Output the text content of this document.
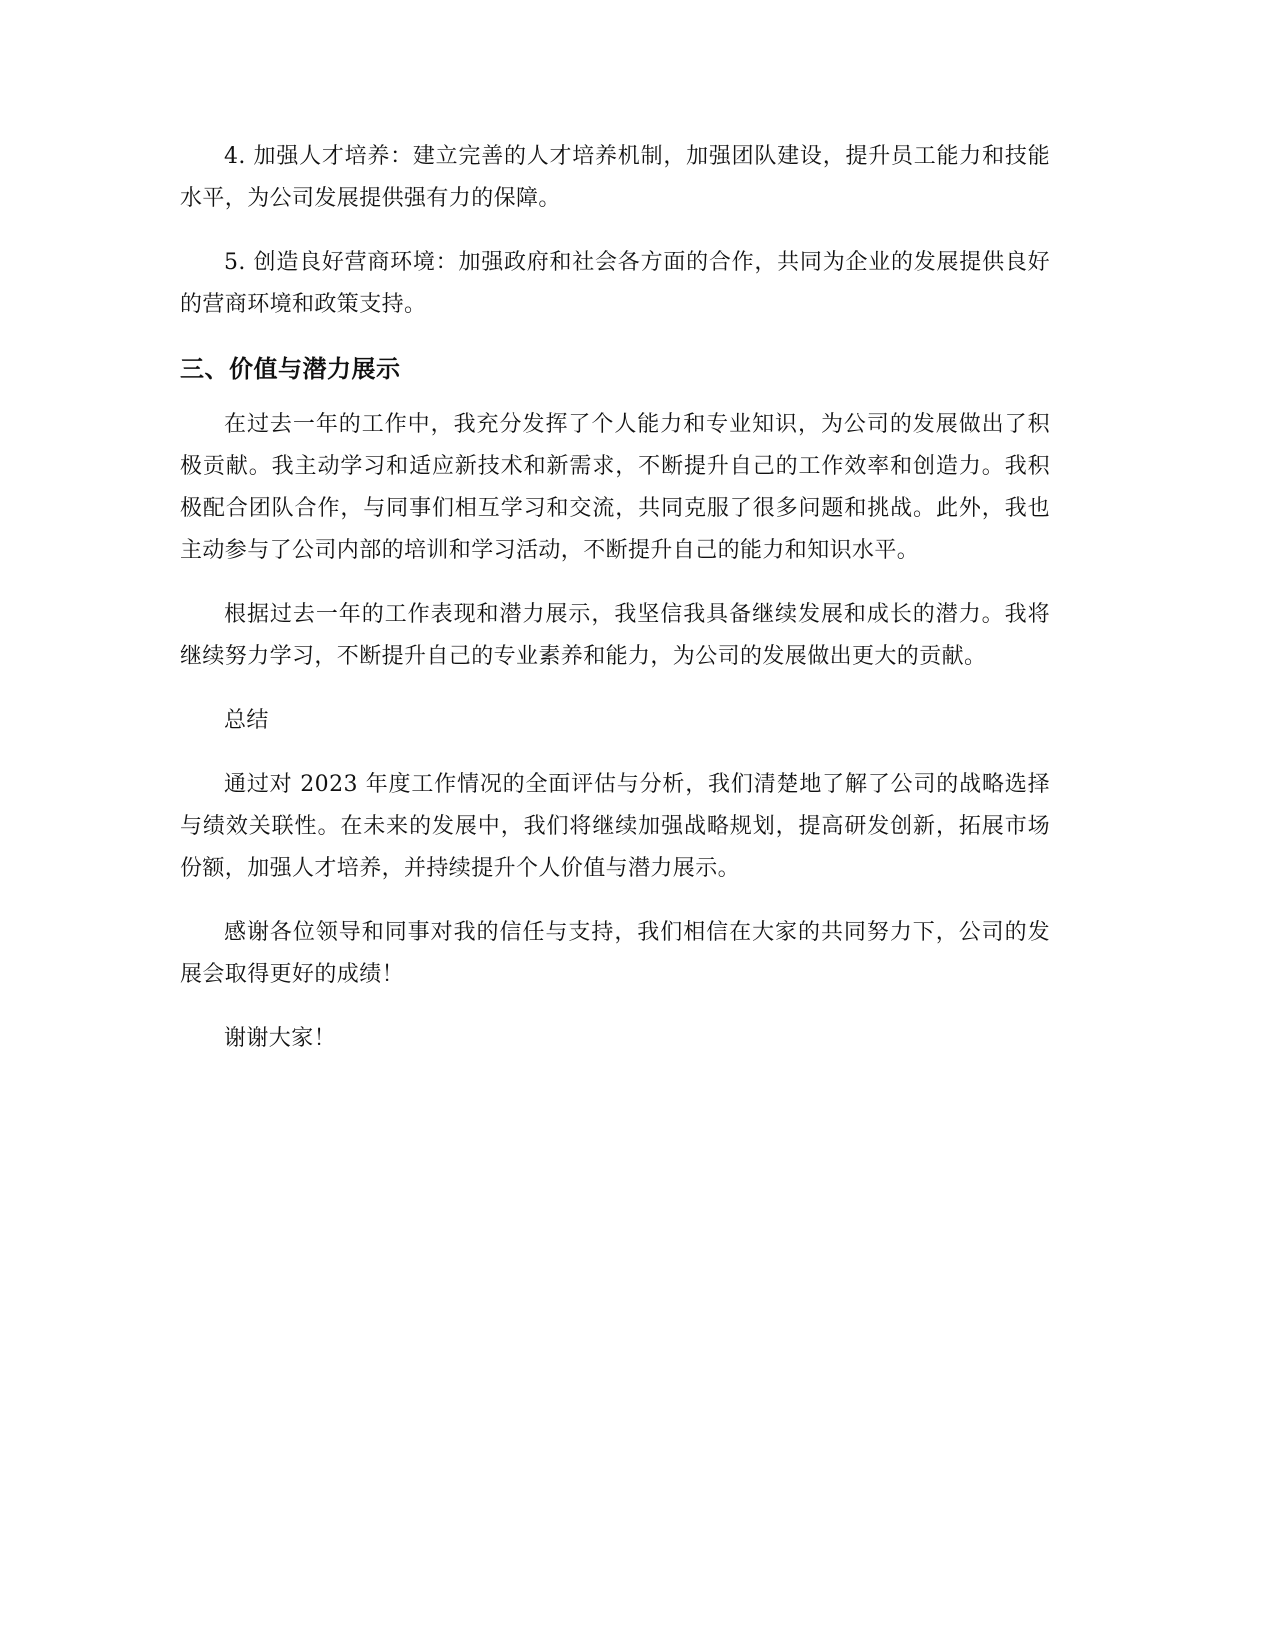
4. 加强人才培养：建立完善的人才培养机制，加强团队建设，提升员工能力和技能水平，为公司发展提供强有力的保障。

5. 创造良好营商环境：加强政府和社会各方面的合作，共同为企业的发展提供良好的营商环境和政策支持。

三、价值与潜力展示

在过去一年的工作中，我充分发挥了个人能力和专业知识，为公司的发展做出了积极贡献。我主动学习和适应新技术和新需求，不断提升自己的工作效率和创造力。我积极配合团队合作，与同事们相互学习和交流，共同克服了很多问题和挑战。此外，我也主动参与了公司内部的培训和学习活动，不断提升自己的能力和知识水平。

根据过去一年的工作表现和潜力展示，我坚信我具备继续发展和成长的潜力。我将继续努力学习，不断提升自己的专业素养和能力，为公司的发展做出更大的贡献。

总结

通过对 2023 年度工作情况的全面评估与分析，我们清楚地了解了公司的战略选择与绩效关联性。在未来的发展中，我们将继续加强战略规划，提高研发创新，拓展市场份额，加强人才培养，并持续提升个人价值与潜力展示。

感谢各位领导和同事对我的信任与支持，我们相信在大家的共同努力下，公司的发展会取得更好的成绩！

谢谢大家！
